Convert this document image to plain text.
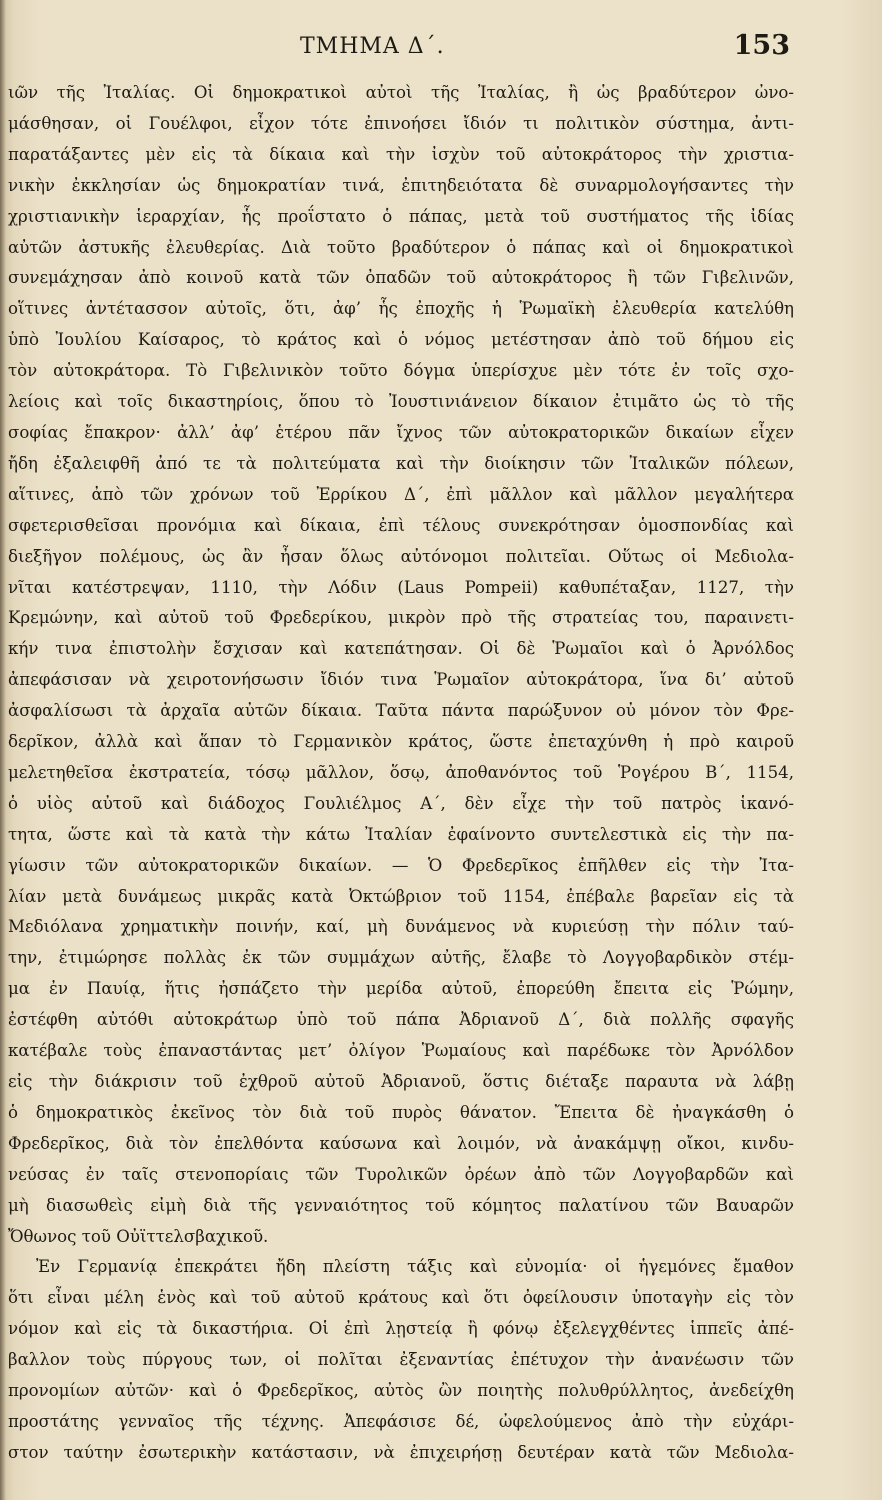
ΤΜΗΜΑ Δ΄.	153
ιῶν τῆς Ἰταλίας. Οἱ δημοκρατικοὶ αὐτοὶ τῆς Ἰταλίας, ἢ ὡς βραδύτερον ὠνο-
μάσθησαν, οἱ Γουέλφοι, εἶχον τότε ἐπινοήσει ἴδιόν τι πολιτικὸν σύστημα, ἀντι-
παρατάξαντες μὲν εἰς τὰ δίκαια καὶ τὴν ἰσχὺν τοῦ αὐτοκράτορος τὴν χριστια-
νικὴν ἐκκλησίαν ὡς δημοκρατίαν τινά, ἐπιτηδειότατα δὲ συναρμολογήσαντες τὴν
χριστιανικὴν ἱεραρχίαν, ἧς προΐστατο ὁ πάπας, μετὰ τοῦ συστήματος τῆς ἰδίας
αὐτῶν ἀστυκῆς ἐλευθερίας. Διὰ τοῦτο βραδύτερον ὁ πάπας καὶ οἱ δημοκρατικοὶ
συνεμάχησαν ἀπὸ κοινοῦ κατὰ τῶν ὀπαδῶν τοῦ αὐτοκράτορος ἢ τῶν Γιβελινῶν,
οἵτινες ἀντέτασσον αὐτοῖς, ὅτι, ἀφ’ ἧς ἐποχῆς ἡ Ῥωμαϊκὴ ἐλευθερία κατελύθη
ὑπὸ Ἰουλίου Καίσαρος, τὸ κράτος καὶ ὁ νόμος μετέστησαν ἀπὸ τοῦ δήμου εἰς
τὸν αὐτοκράτορα. Τὸ Γιβελινικὸν τοῦτο δόγμα ὑπερίσχυε μὲν τότε ἐν τοῖς σχο-
λείοις καὶ τοῖς δικαστηρίοις, ὅπου τὸ Ἰουστινιάνειον δίκαιον ἐτιμᾶτο ὡς τὸ τῆς
σοφίας ἔπακρον· ἀλλ’ ἀφ’ ἑτέρου πᾶν ἴχνος τῶν αὐτοκρατορικῶν δικαίων εἶχεν
ἤδη ἐξαλειφθῆ ἀπό τε τὰ πολιτεύματα καὶ τὴν διοίκησιν τῶν Ἰταλικῶν πόλεων,
αἵτινες, ἀπὸ τῶν χρόνων τοῦ Ἐρρίκου Δ΄, ἐπὶ μᾶλλον καὶ μᾶλλον μεγαλήτερα
σφετερισθεῖσαι προνόμια καὶ δίκαια, ἐπὶ τέλους συνεκρότησαν ὁμοσπονδίας καὶ
διεξῆγον πολέμους, ὡς ἂν ἦσαν ὅλως αὐτόνομοι πολιτεῖαι. Οὕτως οἱ Μεδιολα-
νῖται κατέστρεψαν, 1110, τὴν Λόδιν (Laus Pompeii) καθυπέταξαν, 1127, τὴν
Κρεμώνην, καὶ αὐτοῦ τοῦ Φρεδερίκου, μικρὸν πρὸ τῆς στρατείας του, παραινετι-
κήν τινα ἐπιστολὴν ἔσχισαν καὶ κατεπάτησαν. Οἱ δὲ Ῥωμαῖοι καὶ ὁ Ἀρνόλδος
ἀπεφάσισαν νὰ χειροτονήσωσιν ἴδιόν τινα Ῥωμαῖον αὐτοκράτορα, ἵνα δι’ αὐτοῦ
ἀσφαλίσωσι τὰ ἀρχαῖα αὐτῶν δίκαια. Ταῦτα πάντα παρώξυνον οὐ μόνον τὸν Φρε-
δερῖκον, ἀλλὰ καὶ ἅπαν τὸ Γερμανικὸν κράτος, ὥστε ἐπεταχύνθη ἡ πρὸ καιροῦ
μελετηθεῖσα ἐκστρατεία, τόσῳ μᾶλλον, ὅσῳ, ἀποθανόντος τοῦ Ῥογέρου Β΄, 1154,
ὁ υἱὸς αὐτοῦ καὶ διάδοχος Γουλιέλμος Α΄, δὲν εἶχε τὴν τοῦ πατρὸς ἱκανό-
τητα, ὥστε καὶ τὰ κατὰ τὴν κάτω Ἰταλίαν ἐφαίνοντο συντελεστικὰ εἰς τὴν πα-
γίωσιν τῶν αὐτοκρατορικῶν δικαίων. — Ὁ Φρεδερῖκος ἐπῆλθεν εἰς τὴν Ἰτα-
λίαν μετὰ δυνάμεως μικρᾶς κατὰ Ὀκτώβριον τοῦ 1154, ἐπέβαλε βαρεῖαν εἰς τὰ
Μεδιόλανα χρηματικὴν ποινήν, καί, μὴ δυνάμενος νὰ κυριεύσῃ τὴν πόλιν ταύ-
την, ἐτιμώρησε πολλὰς ἐκ τῶν συμμάχων αὐτῆς, ἔλαβε τὸ Λογγοβαρδικὸν στέμ-
μα ἐν Παυίᾳ, ἥτις ἠσπάζετο τὴν μερίδα αὐτοῦ, ἐπορεύθη ἔπειτα εἰς Ῥώμην,
ἐστέφθη αὐτόθι αὐτοκράτωρ ὑπὸ τοῦ πάπα Ἀδριανοῦ Δ΄, διὰ πολλῆς σφαγῆς
κατέβαλε τοὺς ἐπαναστάντας μετ’ ὀλίγον Ῥωμαίους καὶ παρέδωκε τὸν Ἀρνόλδον
εἰς τὴν διάκρισιν τοῦ ἐχθροῦ αὐτοῦ Ἀδριανοῦ, ὅστις διέταξε παραυτα νὰ λάβῃ
ὁ δημοκρατικὸς ἐκεῖνος τὸν διὰ τοῦ πυρὸς θάνατον. Ἔπειτα δὲ ἠναγκάσθη ὁ
Φρεδερῖκος, διὰ τὸν ἐπελθόντα καύσωνα καὶ λοιμόν, νὰ ἀνακάμψῃ οἴκοι, κινδυ-
νεύσας ἐν ταῖς στενοπορίαις τῶν Τυρολικῶν ὀρέων ἀπὸ τῶν Λογγοβαρδῶν καὶ
μὴ διασωθεὶς εἰμὴ διὰ τῆς γενναιότητος τοῦ κόμητος παλατίνου τῶν Βαυαρῶν
Ὄθωνος τοῦ Οὐϊττελσβαχικοῦ.
Ἐν Γερμανίᾳ ἐπεκράτει ἤδη πλείστη τάξις καὶ εὐνομία· οἱ ἡγεμόνες ἔμαθον
ὅτι εἶναι μέλη ἑνὸς καὶ τοῦ αὐτοῦ κράτους καὶ ὅτι ὀφείλουσιν ὑποταγὴν εἰς τὸν
νόμον καὶ εἰς τὰ δικαστήρια. Οἱ ἐπὶ λῃστείᾳ ἢ φόνῳ ἐξελεγχθέντες ἱππεῖς ἀπέ-
βαλλον τοὺς πύργους των, οἱ πολῖται ἐξεναντίας ἐπέτυχον τὴν ἀνανέωσιν τῶν
προνομίων αὐτῶν· καὶ ὁ Φρεδερῖκος, αὐτὸς ὢν ποιητὴς πολυθρύλλητος, ἀνεδείχθη
προστάτης γενναῖος τῆς τέχνης. Ἀπεφάσισε δέ, ὠφελούμενος ἀπὸ τὴν εὐχάρι-
στον ταύτην ἐσωτερικὴν κατάστασιν, νὰ ἐπιχειρήσῃ δευτέραν κατὰ τῶν Μεδιολα-
